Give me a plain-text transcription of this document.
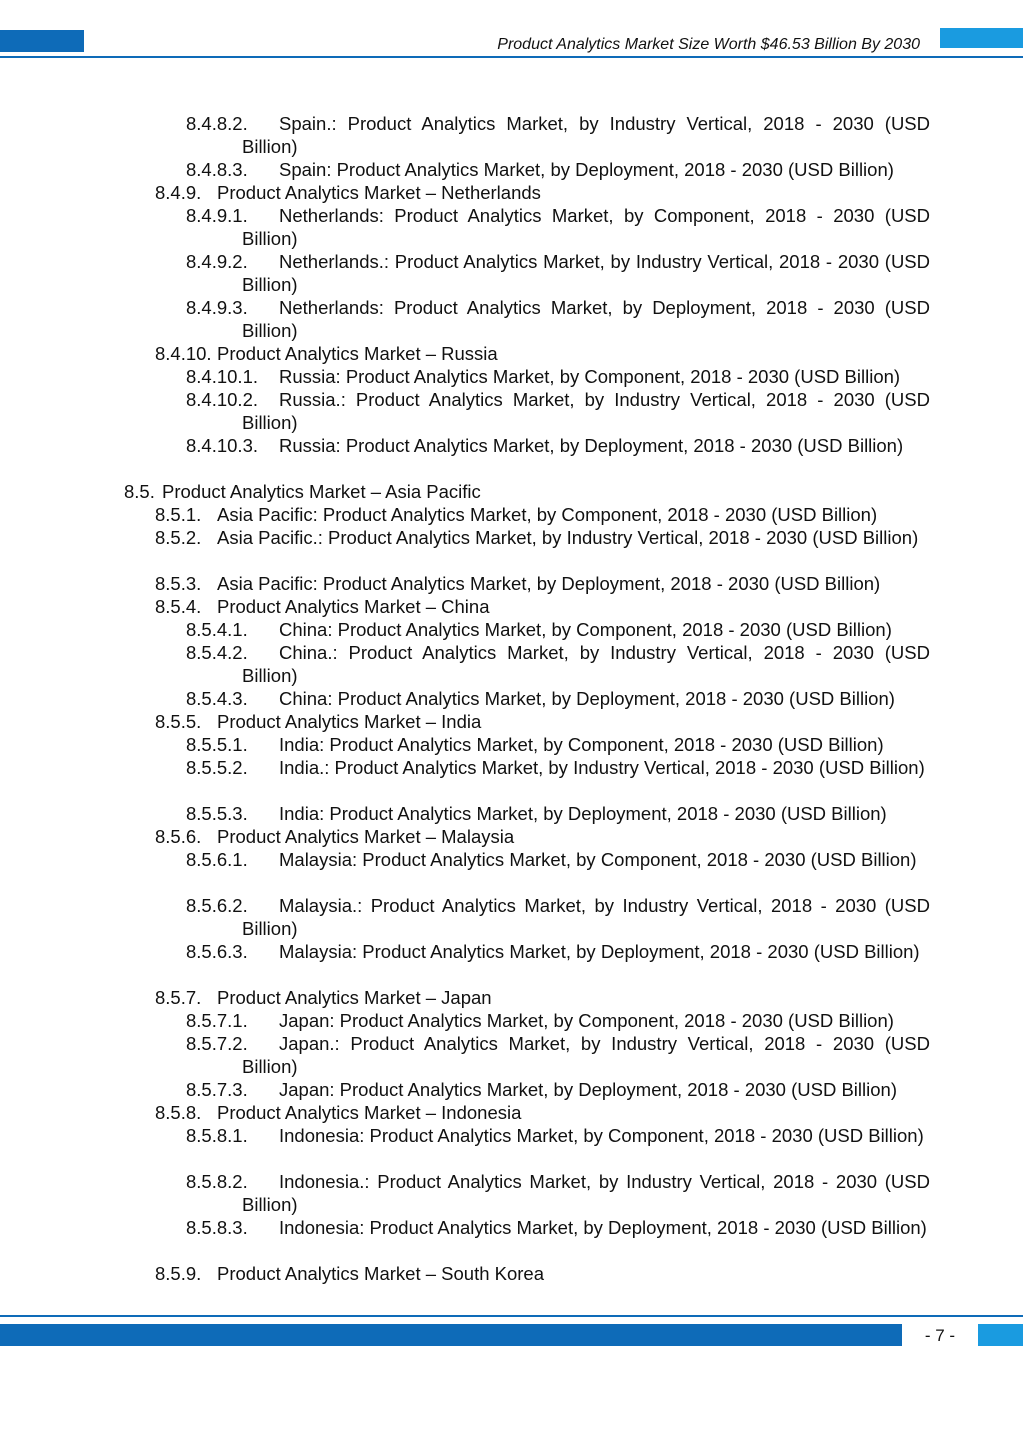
Product Analytics Market Size Worth $46.53 Billion By 2030
8.4.8.2.	Spain.: Product Analytics Market, by Industry Vertical, 2018 - 2030 (USD Billion)
8.4.8.3.	Spain: Product Analytics Market, by Deployment, 2018 - 2030 (USD Billion)
8.4.9. Product Analytics Market – Netherlands
8.4.9.1.	Netherlands: Product Analytics Market, by Component, 2018 - 2030 (USD Billion)
8.4.9.2.	Netherlands.: Product Analytics Market, by Industry Vertical, 2018 - 2030 (USD Billion)
8.4.9.3.	Netherlands: Product Analytics Market, by Deployment, 2018 - 2030 (USD Billion)
8.4.10. Product Analytics Market – Russia
8.4.10.1.	Russia: Product Analytics Market, by Component, 2018 - 2030 (USD Billion)
8.4.10.2.	Russia.: Product Analytics Market, by Industry Vertical, 2018 - 2030 (USD Billion)
8.4.10.3.	Russia: Product Analytics Market, by Deployment, 2018 - 2030 (USD Billion)
8.5. Product Analytics Market – Asia Pacific
8.5.1. Asia Pacific: Product Analytics Market, by Component, 2018 - 2030 (USD Billion)
8.5.2. Asia Pacific.: Product Analytics Market, by Industry Vertical, 2018 - 2030 (USD Billion)
8.5.3. Asia Pacific: Product Analytics Market, by Deployment, 2018 - 2030 (USD Billion)
8.5.4. Product Analytics Market – China
8.5.4.1.	China: Product Analytics Market, by Component, 2018 - 2030 (USD Billion)
8.5.4.2.	China.: Product Analytics Market, by Industry Vertical, 2018 - 2030 (USD Billion)
8.5.4.3.	China: Product Analytics Market, by Deployment, 2018 - 2030 (USD Billion)
8.5.5. Product Analytics Market – India
8.5.5.1.	India: Product Analytics Market, by Component, 2018 - 2030 (USD Billion)
8.5.5.2.	India.: Product Analytics Market, by Industry Vertical, 2018 - 2030 (USD Billion)
8.5.5.3.	India: Product Analytics Market, by Deployment, 2018 - 2030 (USD Billion)
8.5.6. Product Analytics Market – Malaysia
8.5.6.1.	Malaysia: Product Analytics Market, by Component, 2018 - 2030 (USD Billion)
8.5.6.2.	Malaysia.: Product Analytics Market, by Industry Vertical, 2018 - 2030 (USD Billion)
8.5.6.3.	Malaysia: Product Analytics Market, by Deployment, 2018 - 2030 (USD Billion)
8.5.7. Product Analytics Market – Japan
8.5.7.1.	Japan: Product Analytics Market, by Component, 2018 - 2030 (USD Billion)
8.5.7.2.	Japan.: Product Analytics Market, by Industry Vertical, 2018 - 2030 (USD Billion)
8.5.7.3.	Japan: Product Analytics Market, by Deployment, 2018 - 2030 (USD Billion)
8.5.8. Product Analytics Market – Indonesia
8.5.8.1.	Indonesia: Product Analytics Market, by Component, 2018 - 2030 (USD Billion)
8.5.8.2.	Indonesia.: Product Analytics Market, by Industry Vertical, 2018 - 2030 (USD Billion)
8.5.8.3.	Indonesia: Product Analytics Market, by Deployment, 2018 - 2030 (USD Billion)
8.5.9. Product Analytics Market – South Korea
- 7 -
